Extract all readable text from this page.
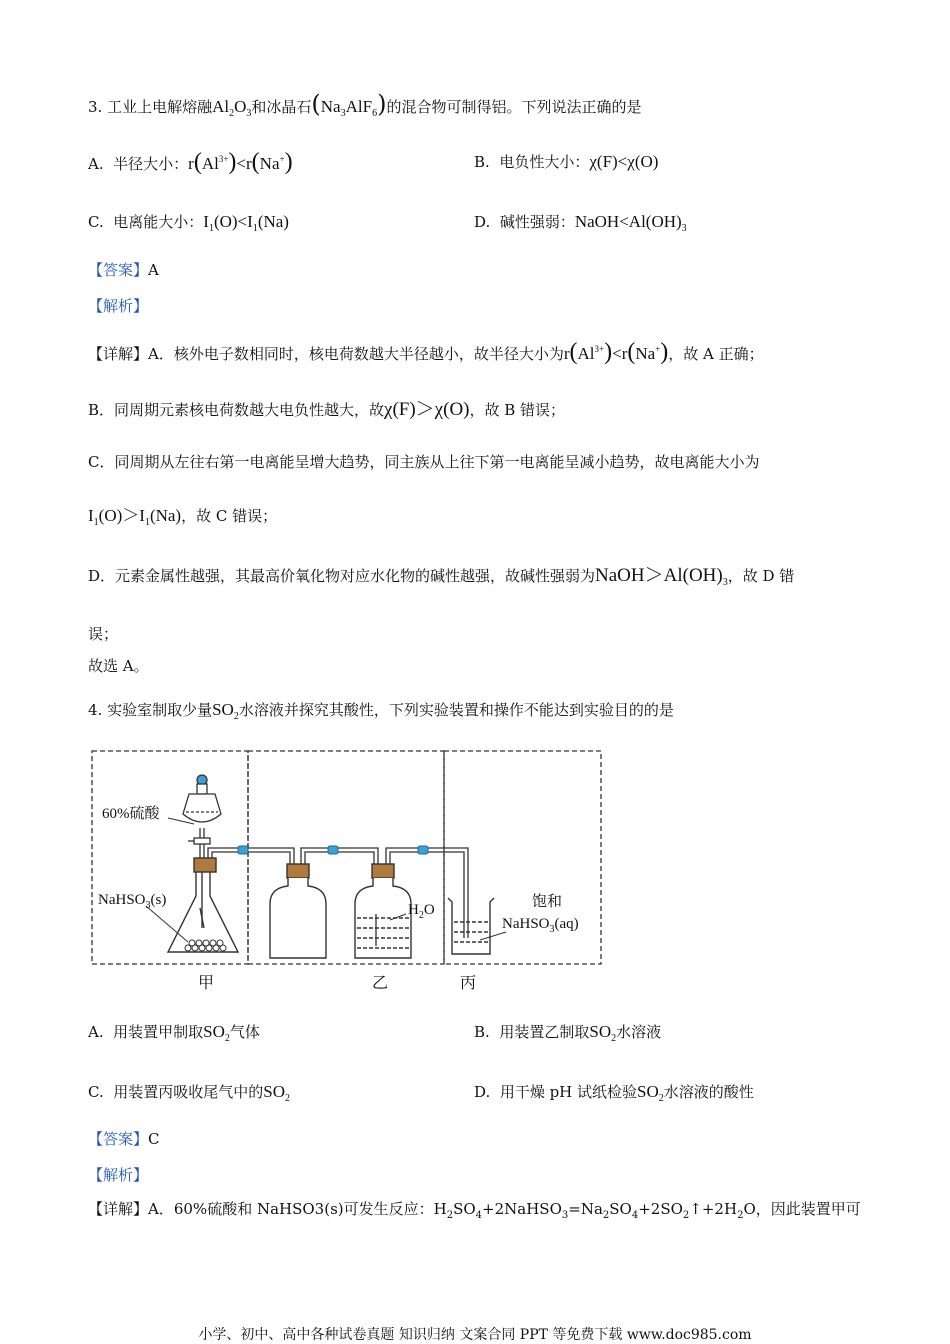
3. 工业上电解熔融$Al_2O_3$和冰晶石$(Na_3AlF_6)$的混合物可制得铝。下列说法正确的是
A. 半径大小：$r(Al^{3+})<r(Na^+)$	B. 电负性大小：χ(F)<χ(O)
C. 电离能大小：$I_1(O)<I_1(Na)$	D. 碱性强弱：$NaOH<Al(OH)_3$
【答案】A
【解析】
【详解】A．核外电子数相同时，核电荷数越大半径越小，故半径大小为$r(Al^{3+})<r(Na^+)$，故 A 正确；
B．同周期元素核电荷数越大电负性越大，故χ(F)＞χ(O)，故 B 错误；
C．同周期从左往右第一电离能呈增大趋势，同主族从上往下第一电离能呈减小趋势，故电离能大小为
$I_1(O)>I_1(Na)$，故 C 错误；
D．元素金属性越强，其最高价氧化物对应水化物的碱性越强，故碱性强弱为$NaOH>Al(OH)_3$，故 D 错
误；
故选 A。
4. 实验室制取少量$SO_2$水溶液并探究其酸性，下列实验装置和操作不能达到实验目的的是
60%硫酸
NaHSO$_3$(s)
$H_2O$	饱和
NaHSO$_3$(aq)
甲	乙	丙
A. 用装置甲制取$SO_2$气体	B. 用装置乙制取$SO_2$水溶液
C. 用装置丙吸收尾气中的$SO_2$	D. 用干燥 pH 试纸检验$SO_2$水溶液的酸性
【答案】C
【解析】
【详解】A．60%硫酸和 NaHSO3(s)可发生反应：$H_2SO_4+2NaHSO_3=Na_2SO_4+2SO_2↑+2H_2O$，因此装置甲可
小学、初中、高中各种试卷真题 知识归纳 文案合同 PPT 等免费下载 www.doc985.com
